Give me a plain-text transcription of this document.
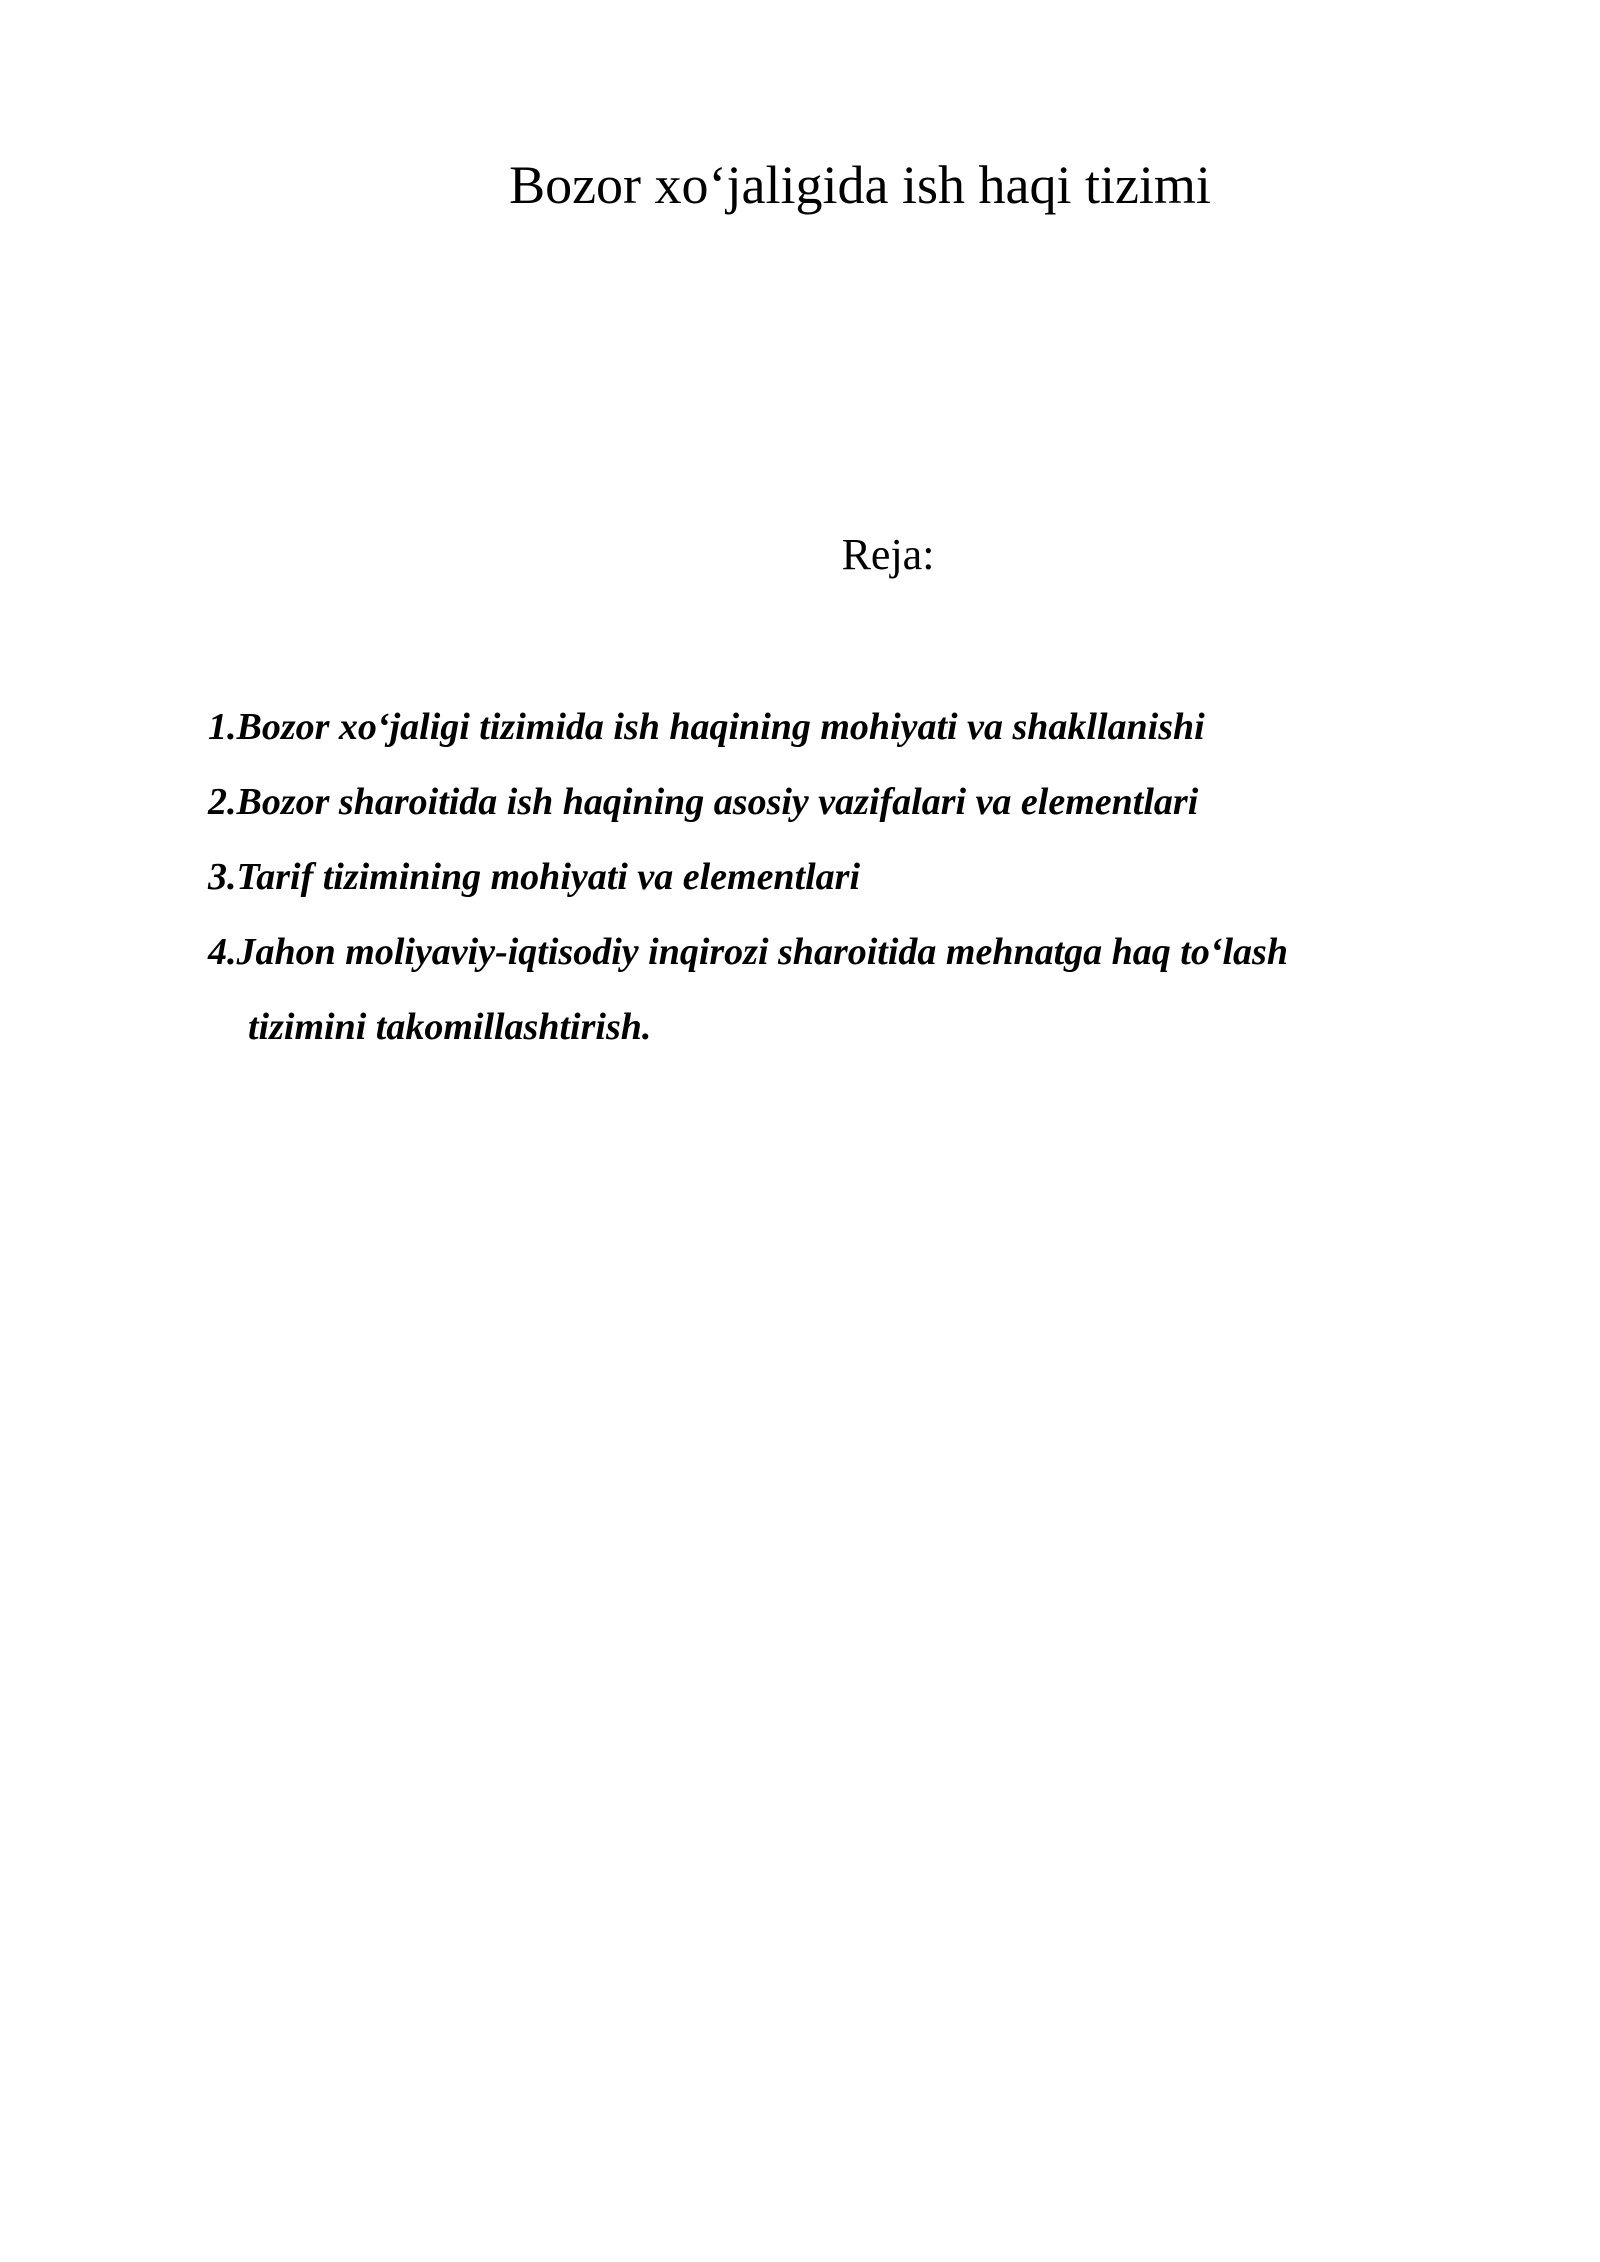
Bozor xo‘jaligida ish haqi tizimi
Reja:
1.Bozor xo‘jaligi tizimida ish haqining mohiyati va shakllanishi
2.Bozor sharoitida ish haqining asosiy vazifalari va elementlari
3.Tarif tizimining mohiyati va elementlari
4.Jahon moliyaviy-iqtisodiy inqirozi sharoitida mehnatga haq to‘lash
tizimini takomillashtirish.
